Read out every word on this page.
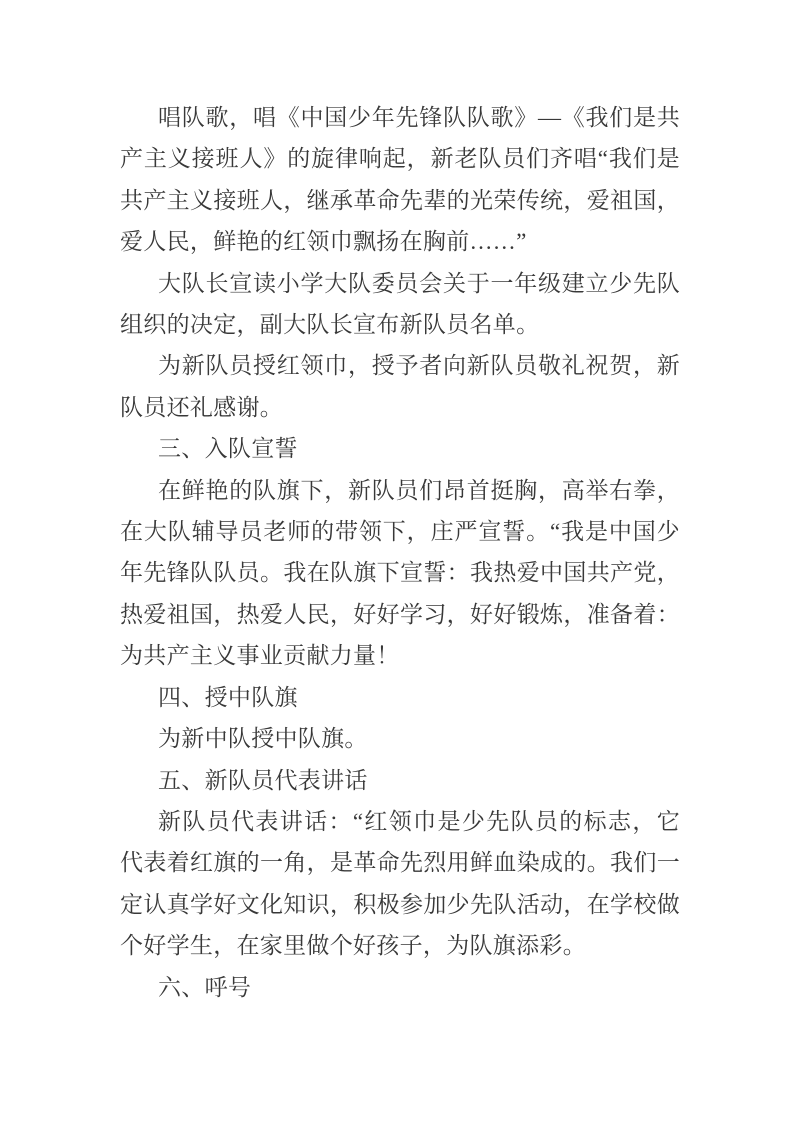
唱队歌，唱《中国少年先锋队队歌》—《我们是共产主义接班人》的旋律响起，新老队员们齐唱“我们是共产主义接班人，继承革命先辈的光荣传统，爱祖国，爱人民，鲜艳的红领巾飘扬在胸前……”

大队长宣读小学大队委员会关于一年级建立少先队组织的决定，副大队长宣布新队员名单。

为新队员授红领巾，授予者向新队员敬礼祝贺，新队员还礼感谢。

三、入队宣誓

在鲜艳的队旗下，新队员们昂首挺胸，高举右拳，在大队辅导员老师的带领下，庄严宣誓。“我是中国少年先锋队队员。我在队旗下宣誓：我热爱中国共产党，热爱祖国，热爱人民，好好学习，好好锻炼，准备着：为共产主义事业贡献力量！

四、授中队旗

为新中队授中队旗。

五、新队员代表讲话

新队员代表讲话：“红领巾是少先队员的标志，它代表着红旗的一角，是革命先烈用鲜血染成的。我们一定认真学好文化知识，积极参加少先队活动，在学校做个好学生，在家里做个好孩子，为队旗添彩。

六、呼号
